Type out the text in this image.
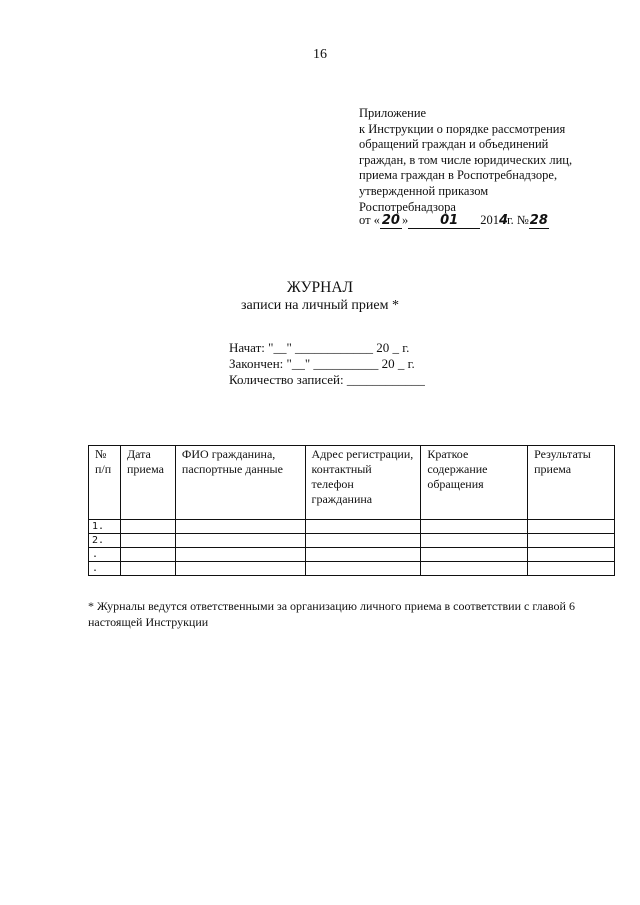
16
Приложение
к Инструкции о порядке рассмотрения
обращений граждан и объединений
граждан, в том числе юридических лиц,
приема граждан в Роспотребнадзоре,
утвержденной приказом
Роспотребнадзора
от « 20 » 01 2014г. №28
ЖУРНАЛ
записи на личный прием *
Начат: "__" ____________ 20 _ г.
Закончен: "__" __________ 20 _ г.
Количество записей: ____________
№ п/п	Дата приема	ФИО гражданина, паспортные данные	Адрес регистрации, контактный телефон гражданина	Краткое содержание обращения	Результаты приема
1.					
2.					
.					
.					
* Журналы ведутся ответственными за организацию личного приема в соответствии с главой 6 настоящей Инструкции
